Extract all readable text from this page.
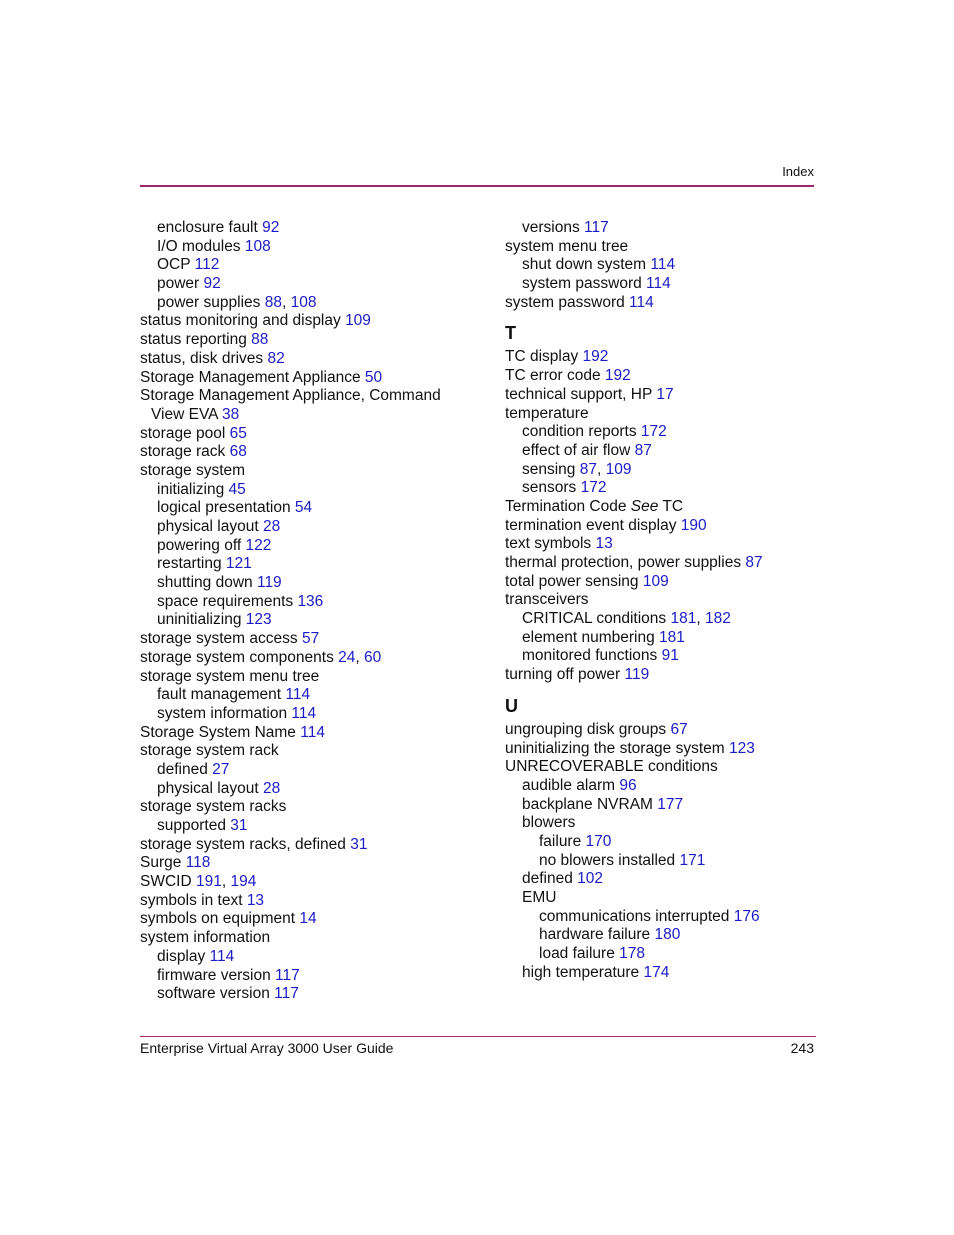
Index
enclosure fault 92
I/O modules 108
OCP 112
power 92
power supplies 88, 108
status monitoring and display 109
status reporting 88
status, disk drives 82
Storage Management Appliance 50
Storage Management Appliance, Command
View EVA 38
storage pool 65
storage rack 68
storage system
initializing 45
logical presentation 54
physical layout 28
powering off 122
restarting 121
shutting down 119
space requirements 136
uninitializing 123
storage system access 57
storage system components 24, 60
storage system menu tree
fault management 114
system information 114
Storage System Name 114
storage system rack
defined 27
physical layout 28
storage system racks
supported 31
storage system racks, defined 31
Surge 118
SWCID 191, 194
symbols in text 13
symbols on equipment 14
system information
display 114
firmware version 117
software version 117
versions 117
system menu tree
shut down system 114
system password 114
system password 114
T
TC display 192
TC error code 192
technical support, HP 17
temperature
condition reports 172
effect of air flow 87
sensing 87, 109
sensors 172
Termination Code See TC
termination event display 190
text symbols 13
thermal protection, power supplies 87
total power sensing 109
transceivers
CRITICAL conditions 181, 182
element numbering 181
monitored functions 91
turning off power 119
U
ungrouping disk groups 67
uninitializing the storage system 123
UNRECOVERABLE conditions
audible alarm 96
backplane NVRAM 177
blowers
failure 170
no blowers installed 171
defined 102
EMU
communications interrupted 176
hardware failure 180
load failure 178
high temperature 174
Enterprise Virtual Array 3000 User Guide	243
